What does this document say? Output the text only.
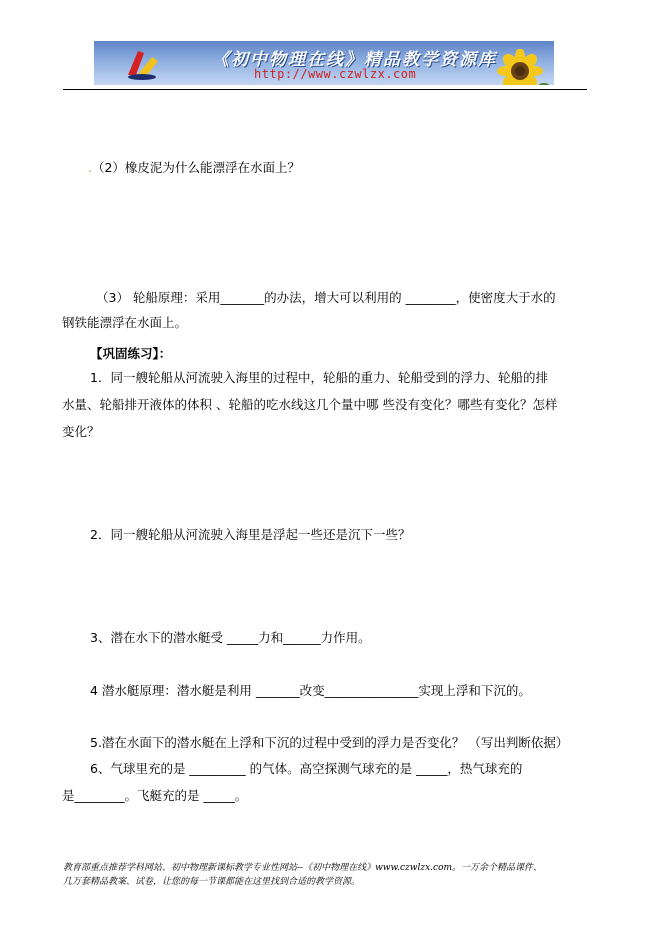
《初中物理在线》精品教学资源库
http://www.czwlzx.com
.（2）橡皮泥为什么能漂浮在水面上？
（3） 轮船原理：采用_______的办法，增大可以利用的 ________，使密度大于水的
钢铁能漂浮在水面上。
【巩固练习】：
1．同一艘轮船从河流驶入海里的过程中，轮船的重力、轮船受到的浮力、轮船的排
水量、轮船排开液体的体积 、轮船的吃水线这几个量中哪 些没有变化？哪些有变化？怎样
变化？
2．同一艘轮船从河流驶入海里是浮起一些还是沉下一些？
3、潜在水下的潜水艇受 _____力和______力作用。
4 潜水艇原理：潜水艇是利用 _______改变_______________实现上浮和下沉的。
5.潜在水面下的潜水艇在上浮和下沉的过程中受到的浮力是否变化？ （写出判断依据）
6、气球里充的是 _________ 的气体。高空探测气球充的是 _____，热气球充的
是________。飞艇充的是 _____。
教育部重点推荐学科网站、初中物理新课标教学专业性网站--《初中物理在线》www.czwlzx.com。一万余个精品课件、
几万套精品教案、试卷，让您的每一节课都能在这里找到合适的教学资源。
